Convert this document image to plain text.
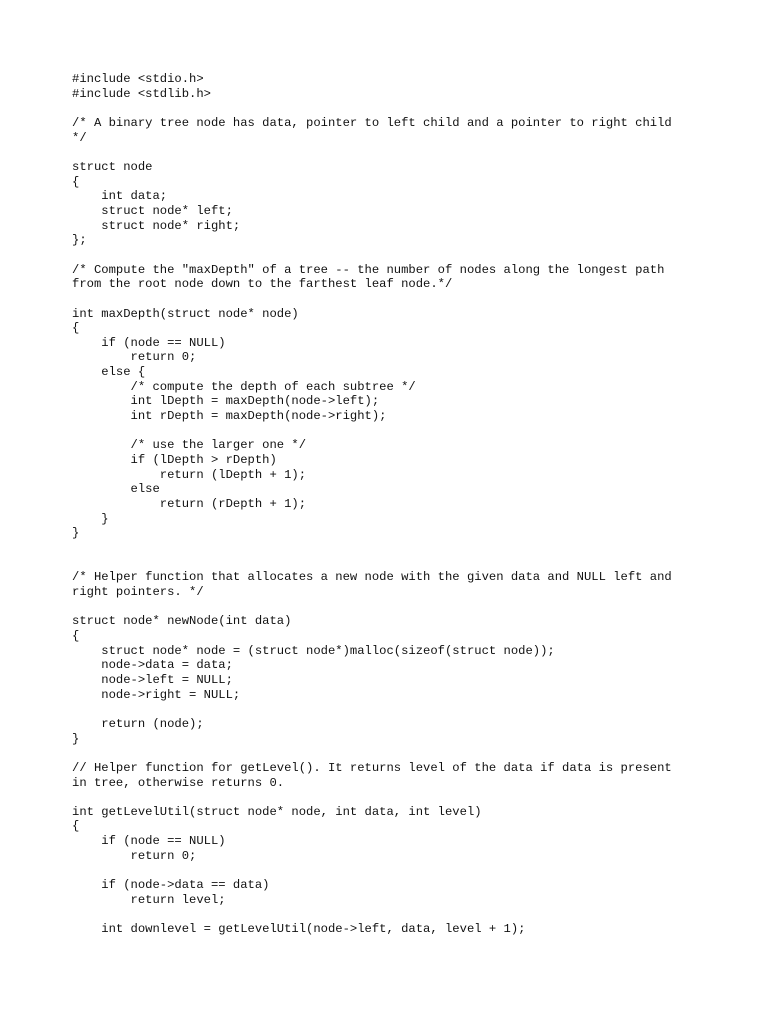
#include <stdio.h>
#include <stdlib.h>
/* A binary tree node has data, pointer to left child and a pointer to right child
*/
struct node
{
int data;
struct node* left;
struct node* right;
};
/* Compute the "maxDepth" of a tree -- the number of nodes along the longest path
from the root node down to the farthest leaf node.*/
int maxDepth(struct node* node)
{
if (node == NULL)
return 0;
else {
/* compute the depth of each subtree */
int lDepth = maxDepth(node->left);
int rDepth = maxDepth(node->right);
/* use the larger one */
if (lDepth > rDepth)
return (lDepth + 1);
else
return (rDepth + 1);
}
}
/* Helper function that allocates a new node with the given data and NULL left and
right pointers. */
struct node* newNode(int data)
{
struct node* node = (struct node*)malloc(sizeof(struct node));
node->data = data;
node->left = NULL;
node->right = NULL;
return (node);
}
// Helper function for getLevel(). It returns level of the data if data is present
in tree, otherwise returns 0.
int getLevelUtil(struct node* node, int data, int level)
{
if (node == NULL)
return 0;
if (node->data == data)
return level;
int downlevel = getLevelUtil(node->left, data, level + 1);
